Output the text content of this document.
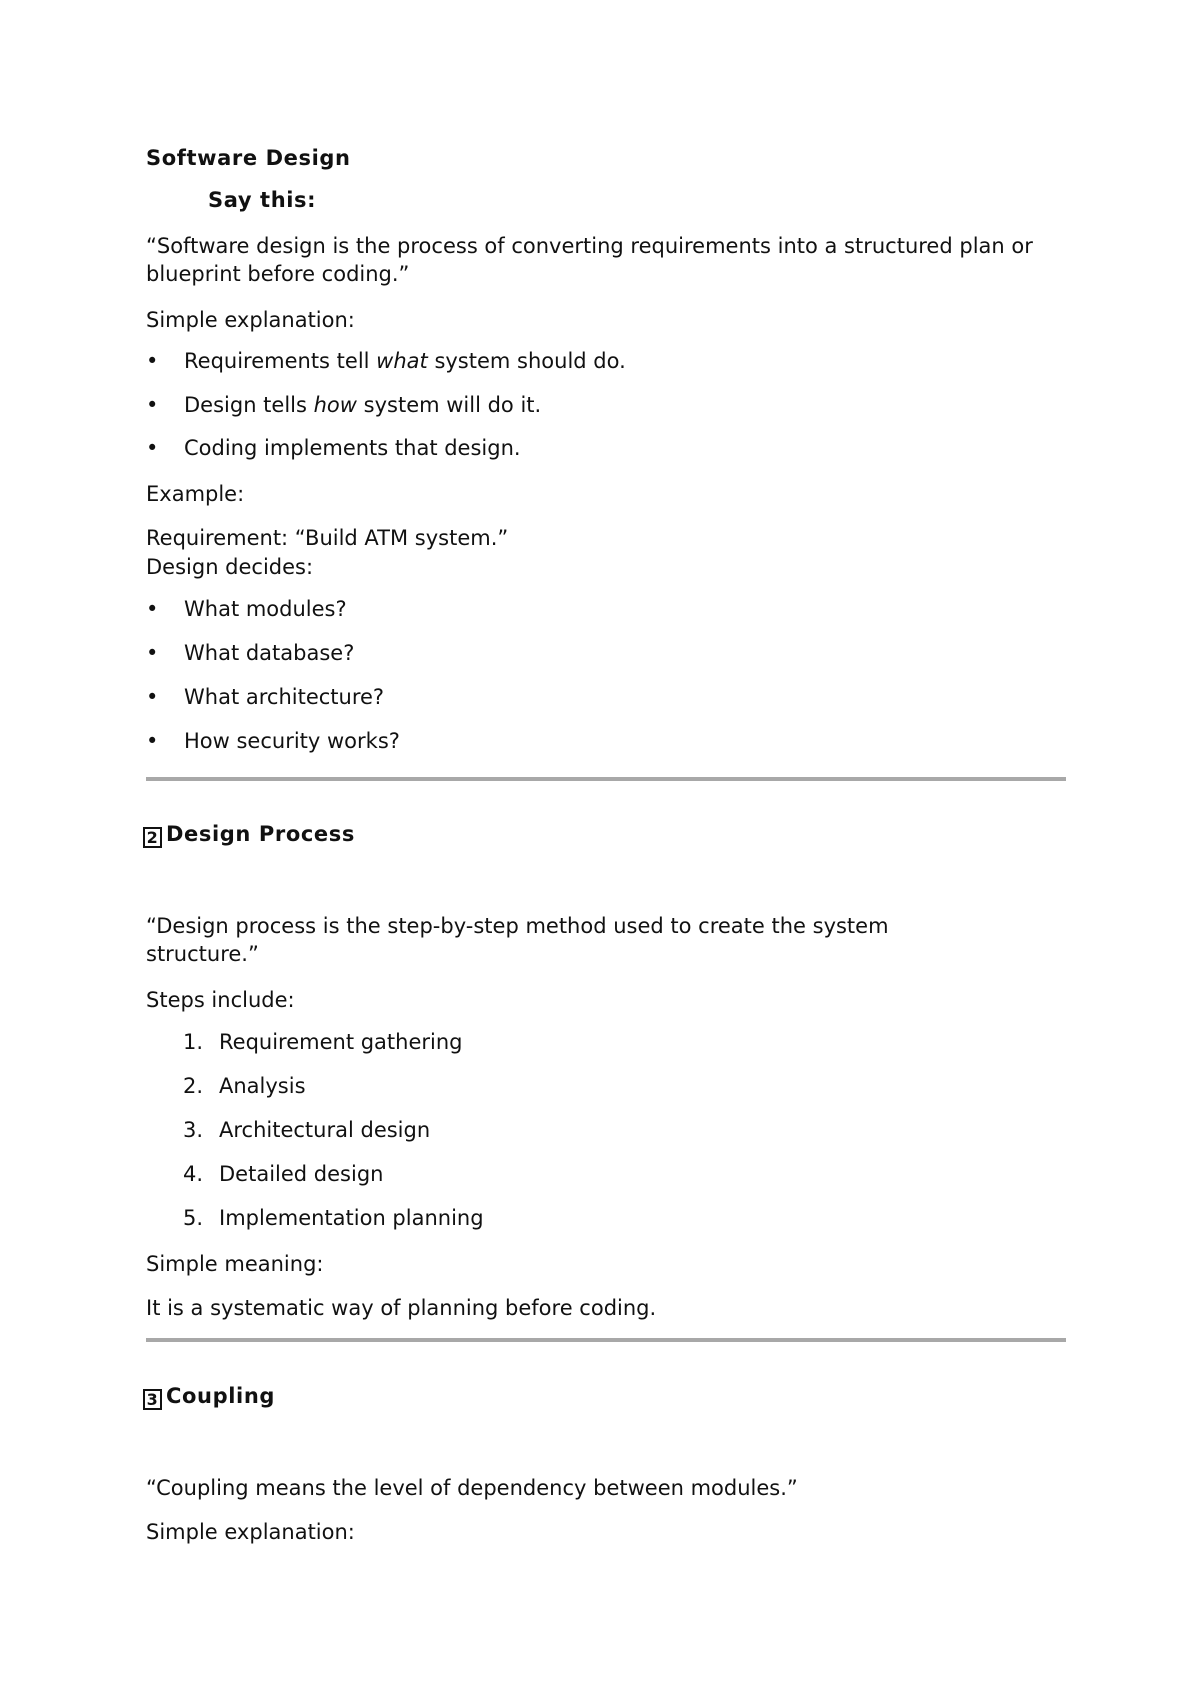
Software Design
Say this:
“Software design is the process of converting requirements into a structured plan or blueprint before coding.”
Simple explanation:
• Requirements tell what system should do.
• Design tells how system will do it.
• Coding implements that design.
Example:
Requirement: “Build ATM system.”
Design decides:
• What modules?
• What database?
• What architecture?
• How security works?
2 Design Process
“Design process is the step-by-step method used to create the system structure.”
Steps include:
1. Requirement gathering
2. Analysis
3. Architectural design
4. Detailed design
5. Implementation planning
Simple meaning:
It is a systematic way of planning before coding.
3 Coupling
“Coupling means the level of dependency between modules.”
Simple explanation:
